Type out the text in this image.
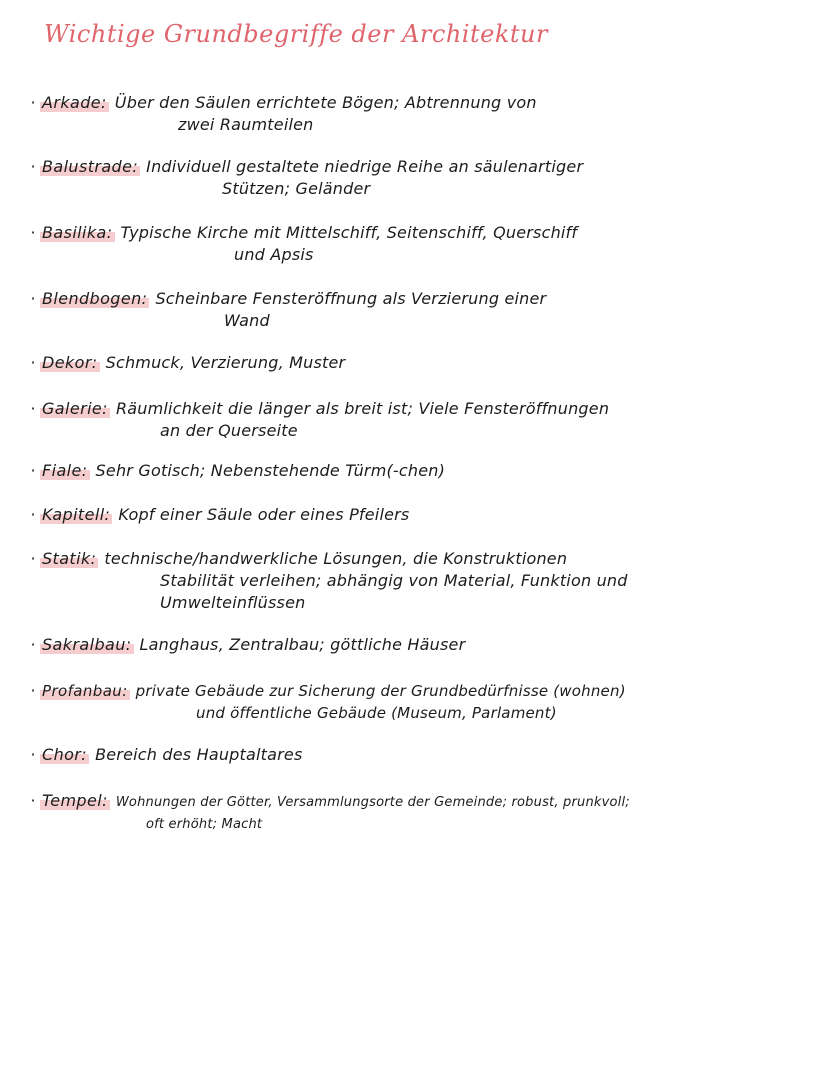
Wichtige Grundbegriffe der Architektur
· Arkade: Über den Säulen errichtete Bögen; Abtrennung von
zwei Raumteilen
· Balustrade: Individuell gestaltete niedrige Reihe an säulenartiger
Stützen; Geländer
· Basilika: Typische Kirche mit Mittelschiff, Seitenschiff, Querschiff
und Apsis
· Blendbogen: Scheinbare Fensteröffnung als Verzierung einer
Wand
· Dekor: Schmuck, Verzierung, Muster
· Galerie: Räumlichkeit die länger als breit ist; Viele Fensteröffnungen
an der Querseite
· Fiale: Sehr Gotisch; Nebenstehende Türm(-chen)
· Kapitell: Kopf einer Säule oder eines Pfeilers
· Statik: technische/handwerkliche Lösungen, die Konstruktionen
Stabilität verleihen; abhängig von Material, Funktion und
Umwelteinflüssen
· Sakralbau: Langhaus, Zentralbau; göttliche Häuser
· Profanbau: private Gebäude zur Sicherung der Grundbedürfnisse (wohnen)
und öffentliche Gebäude (Museum, Parlament)
· Chor: Bereich des Hauptaltares
· Tempel: Wohnungen der Götter, Versammlungsorte der Gemeinde; robust, prunkvoll;
oft erhöht; Macht
